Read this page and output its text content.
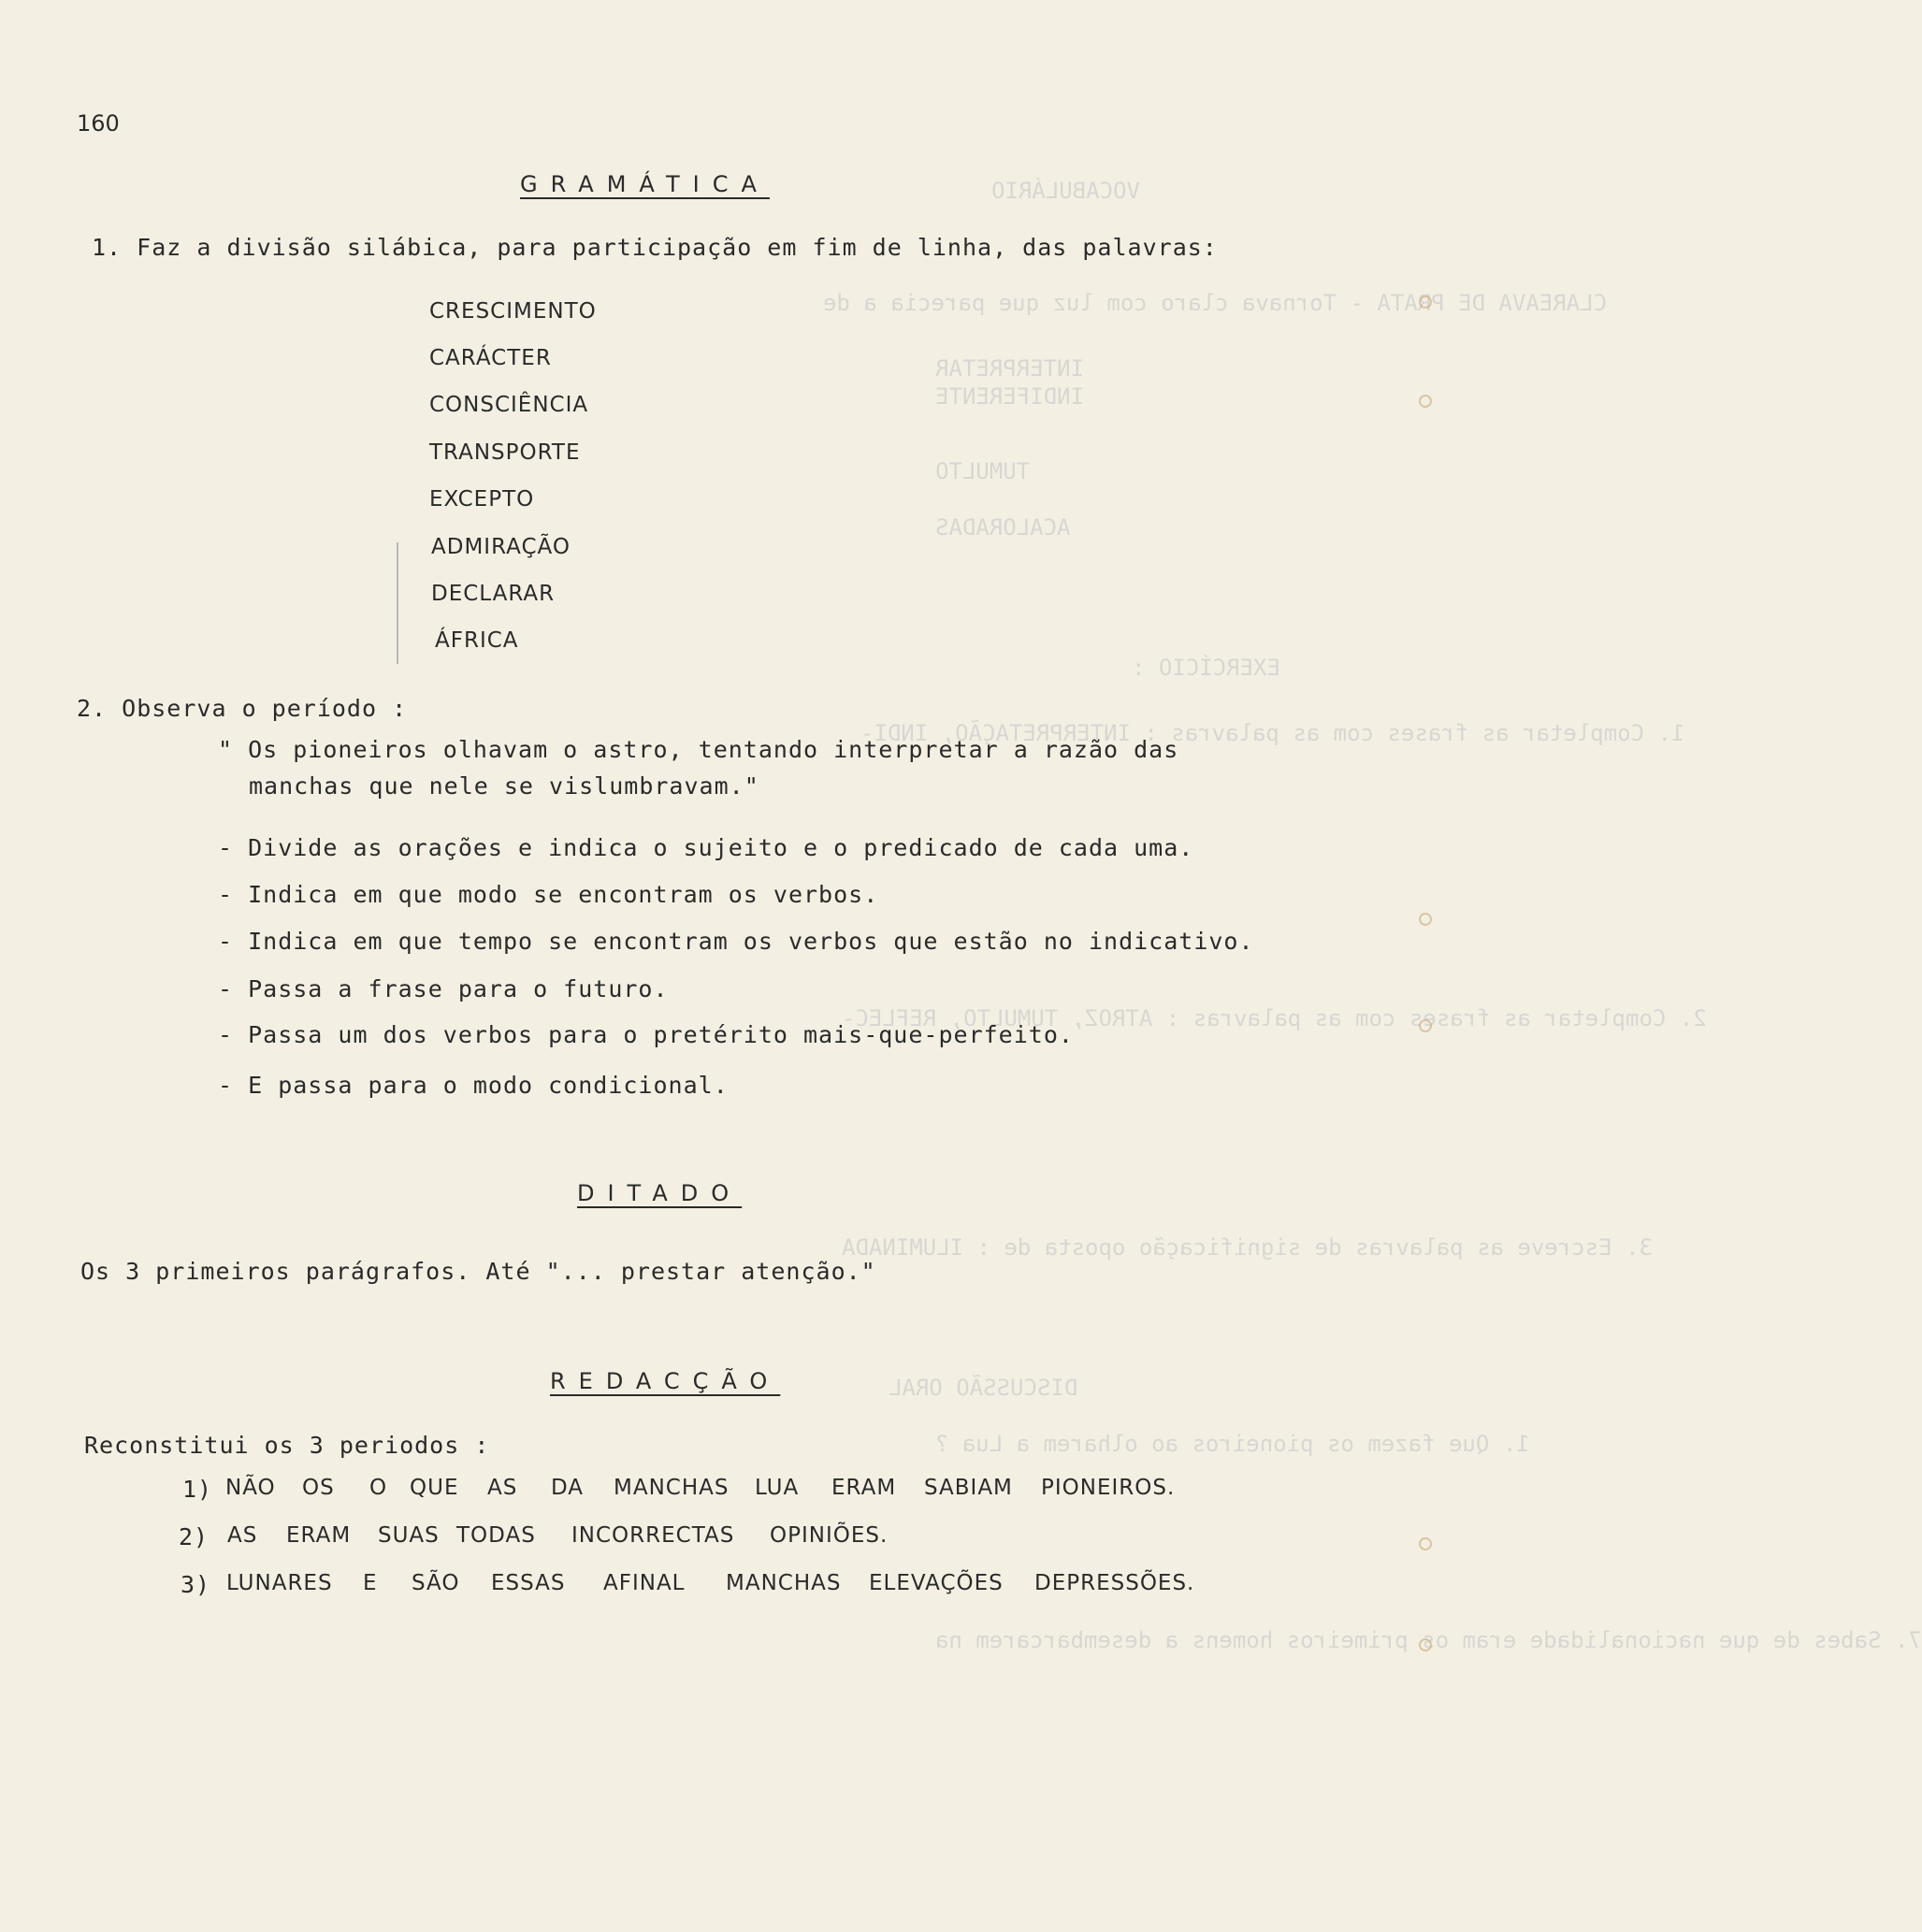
VOCABULÁRIO
CLAREAVA DE PRATA - Tornava claro com luz que parecia a de
INTERPRETAR
INDIFERENTE
TUMULTO
ACALORADAS
EXERCÍCIO :
1. Completar as frases com as palavras : INTERPRETAÇÃO, INDI-
2. Completar as frases com as palavras : ATROZ, TUMULTO, REFLEC-
3. Escreve as palavras de significação oposta de : ILUMINADA
DISCUSSÃO ORAL
1. Que fazem os pioneiros ao olharem a Lua ?
7. Sabes de que nacionalidade eram os primeiros homens a desembarcarem na
160
GRAMÁTICA
1. Faz a divisão silábica, para participação em fim de linha, das palavras:
CRESCIMENTO
CARÁCTER
CONSCIÊNCIA
TRANSPORTE
EXCEPTO
ADMIRAÇÃO
DECLARAR
ÁFRICA
2. Observa o período :
" Os pioneiros olhavam o astro, tentando interpretar a razão das
manchas que nele se vislumbravam."
- Divide as orações e indica o sujeito e o predicado de cada uma.
- Indica em que modo se encontram os verbos.
- Indica em que tempo se encontram os verbos que estão no indicativo.
- Passa a frase para o futuro.
- Passa um dos verbos para o pretérito mais-que-perfeito.
- E passa para o modo condicional.
DITADO
Os 3 primeiros parágrafos. Até "... prestar atenção."
REDACÇÃO
Reconstitui os 3 periodos :
1) NÃO OS O QUE AS DA MANCHAS LUA ERAM SABIAM PIONEIROS.
2) AS ERAM SUAS TODAS INCORRECTAS OPINIÕES.
3) LUNARES E SÃO ESSAS AFINAL MANCHAS ELEVAÇÕES DEPRESSÕES.
